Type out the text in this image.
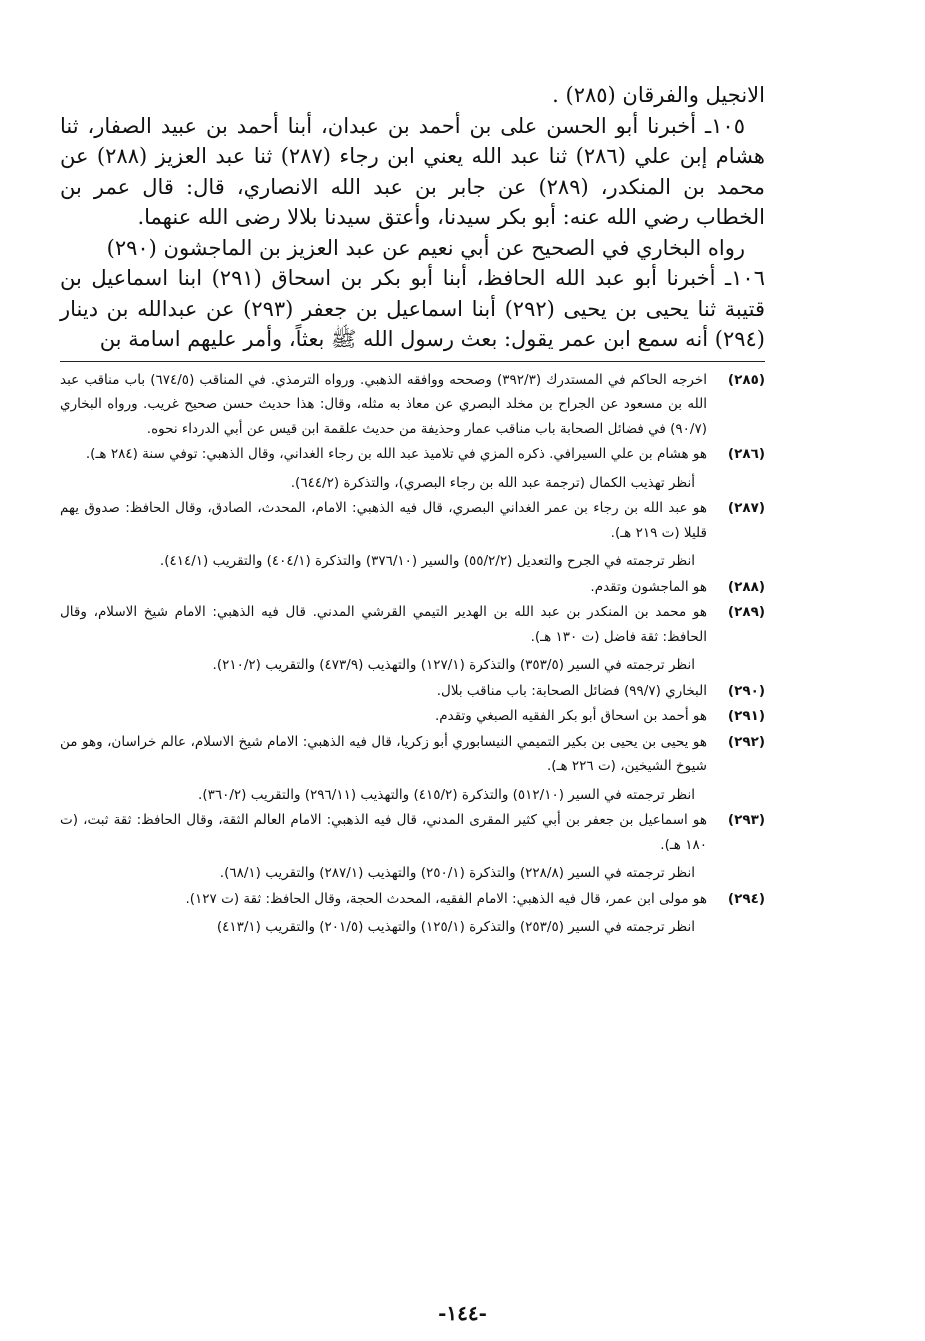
الانجيل والفرقان (٢٨٥) .

١٠٥ـ أخبرنا أبو الحسن على بن أحمد بن عبدان، أبنا أحمد بن عبيد الصفار، ثنا هشام إبن علي (٢٨٦) ثنا عبد الله يعني ابن رجاء (٢٨٧) ثنا عبد العزيز (٢٨٨) عن محمد بن المنكدر، (٢٨٩) عن جابر بن عبد الله الانصاري، قال: قال عمر بن الخطاب رضي الله عنه: أبو بكر سيدنا، وأعتق سيدنا بلالا رضى الله عنهما.

رواه البخاري في الصحيح عن أبي نعيم عن عبد العزيز بن الماجشون (٢٩٠)

١٠٦ـ أخبرنا أبو عبد الله الحافظ، أبنا أبو بكر بن اسحاق (٢٩١) ابنا اسماعيل بن قتيبة ثنا يحيى بن يحيى (٢٩٢) أبنا اسماعيل بن جعفر (٢٩٣) عن عبدالله بن دينار (٢٩٤) أنه سمع ابن عمر يقول: بعث رسول الله ﷺ بعثاً، وأمر عليهم اسامة بن

(٢٨٥)

اخرجه الحاكم في المستدرك (٣٩٢/٣) وصححه ووافقه الذهبي. ورواه الترمذي. في المناقب (٦٧٤/٥) باب مناقب عبد الله بن مسعود عن الجراح بن مخلد البصري عن معاذ به مثله، وقال: هذا حديث حسن صحيح غريب. ورواه البخاري (٩٠/٧) في فضائل الصحابة باب مناقب عمار وحذيفة من حديث علقمة ابن قيس عن أبي الدرداء نحوه.

(٢٨٦)

هو هشام بن علي السيرافي. ذكره المزي في تلاميذ عبد الله بن رجاء الغداني، وقال الذهبي: توفي سنة (٢٨٤ هـ).

أنظر تهذيب الكمال (ترجمة عبد الله بن رجاء البصري)، والتذكرة (٦٤٤/٢).

(٢٨٧)

هو عبد الله بن رجاء بن عمر الغداني البصري، قال فيه الذهبي: الامام، المحدث، الصادق، وقال الحافظ: صدوق يهم قليلا (ت ٢١٩ هـ).

انظر ترجمته في الجرح والتعديل (٥٥/٢/٢) والسير (٣٧٦/١٠) والتذكرة (٤٠٤/١) والتقريب (٤١٤/١).

(٢٨٨)

هو الماجشون وتقدم.

(٢٨٩)

هو محمد بن المنكدر بن عبد الله بن الهدير التيمي القرشي المدني. قال فيه الذهبي: الامام شيخ الاسلام، وقال الحافظ: ثقة فاضل (ت ١٣٠ هـ).

انظر ترجمته في السير (٣٥٣/٥) والتذكرة (١٢٧/١) والتهذيب (٤٧٣/٩) والتقريب (٢١٠/٢).

(٢٩٠)

البخاري (٩٩/٧) فضائل الصحابة: باب مناقب بلال.

(٢٩١)

هو أحمد بن اسحاق أبو بكر الفقيه الصبغي وتقدم.

(٢٩٢)

هو يحيى بن يحيى بن بكير التميمي النيسابوري أبو زكريا، قال فيه الذهبي: الامام شيخ الاسلام، عالم خراسان، وهو من شيوخ الشيخين، (ت ٢٢٦ هـ).

انظر ترجمته في السير (٥١٢/١٠) والتذكرة (٤١٥/٢) والتهذيب (٢٩٦/١١) والتقريب (٣٦٠/٢).

(٢٩٣)

هو اسماعيل بن جعفر بن أبي كثير المقرى المدني، قال فيه الذهبي: الامام العالم الثقة، وقال الحافظ: ثقة ثبت، (ت ١٨٠ هـ).

انظر ترجمته في السير (٢٢٨/٨) والتذكرة (٢٥٠/١) والتهذيب (٢٨٧/١) والتقريب (٦٨/١).

(٢٩٤)

هو مولى ابن عمر، قال فيه الذهبي: الامام الفقيه، المحدث الحجة، وقال الحافظ: ثقة (ت ١٢٧).

انظر ترجمته في السير (٢٥٣/٥) والتذكرة (١٢٥/١) والتهذيب (٢٠١/٥) والتقريب (٤١٣/١)

-١٤٤-
